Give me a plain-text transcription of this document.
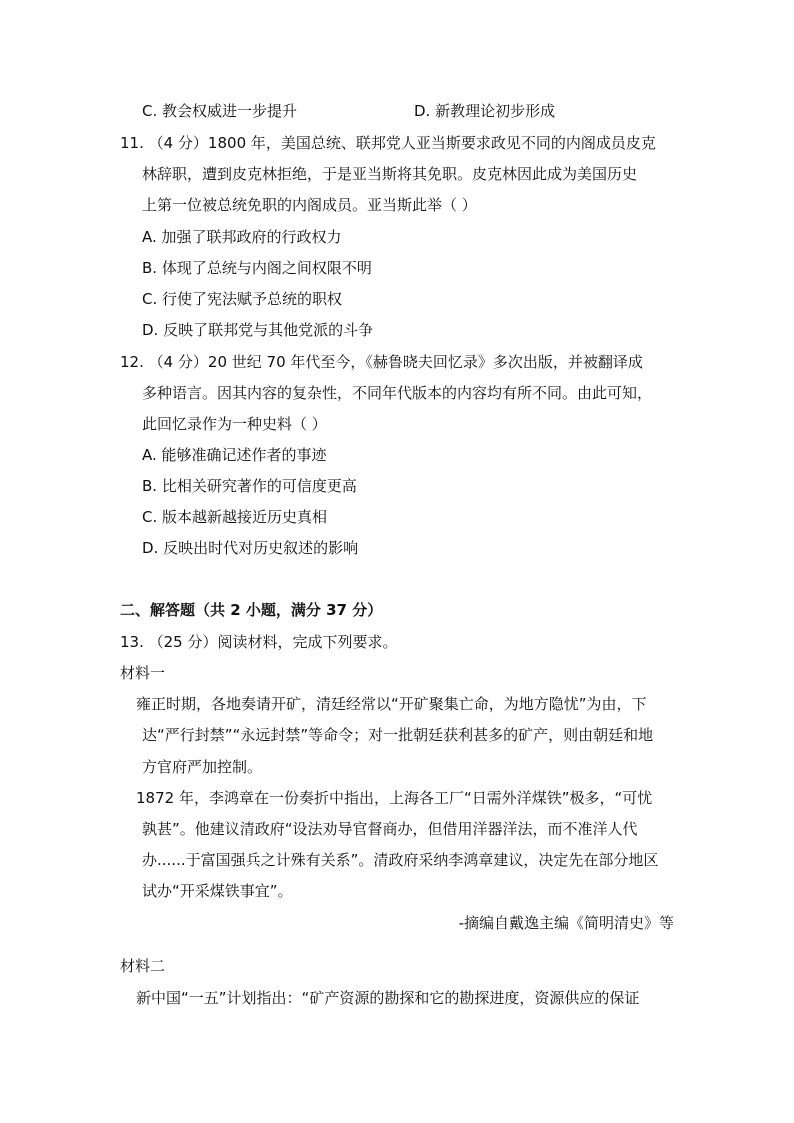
C. 教会权威进一步提升	D. 新教理论初步形成
11. （4 分）1800 年，美国总统、联邦党人亚当斯要求政见不同的内阁成员皮克
林辞职，遭到皮克林拒绝，于是亚当斯将其免职。皮克林因此成为美国历史
上第一位被总统免职的内阁成员。亚当斯此举（ ）
A. 加强了联邦政府的行政权力
B. 体现了总统与内阁之间权限不明
C. 行使了宪法赋予总统的职权
D. 反映了联邦党与其他党派的斗争
12. （4 分）20 世纪 70 年代至今，《赫鲁晓夫回忆录》多次出版，并被翻译成
多种语言。因其内容的复杂性，不同年代版本的内容均有所不同。由此可知，
此回忆录作为一种史料（ ）
A. 能够准确记述作者的事迹
B. 比相关研究著作的可信度更高
C. 版本越新越接近历史真相
D. 反映出时代对历史叙述的影响
二、解答题（共 2 小题，满分 37 分）
13. （25 分）阅读材料，完成下列要求。
材料一
雍正时期，各地奏请开矿，清廷经常以“开矿聚集亡命，为地方隐忧”为由，下
达“严行封禁”“永远封禁”等命令；对一批朝廷获利甚多的矿产，则由朝廷和地
方官府严加控制。
1872 年，李鸿章在一份奏折中指出，上海各工厂“日需外洋煤铁”极多，“可忧
孰甚”。他建议清政府“设法劝导官督商办，但借用洋器洋法，而不准洋人代
办......于富国强兵之计殊有关系”。清政府采纳李鸿章建议，决定先在部分地区
试办“开采煤铁事宜”。
-摘编自戴逸主编《简明清史》等
材料二
新中国“一五”计划指出：“矿产资源的勘探和它的勘探进度，资源供应的保证
